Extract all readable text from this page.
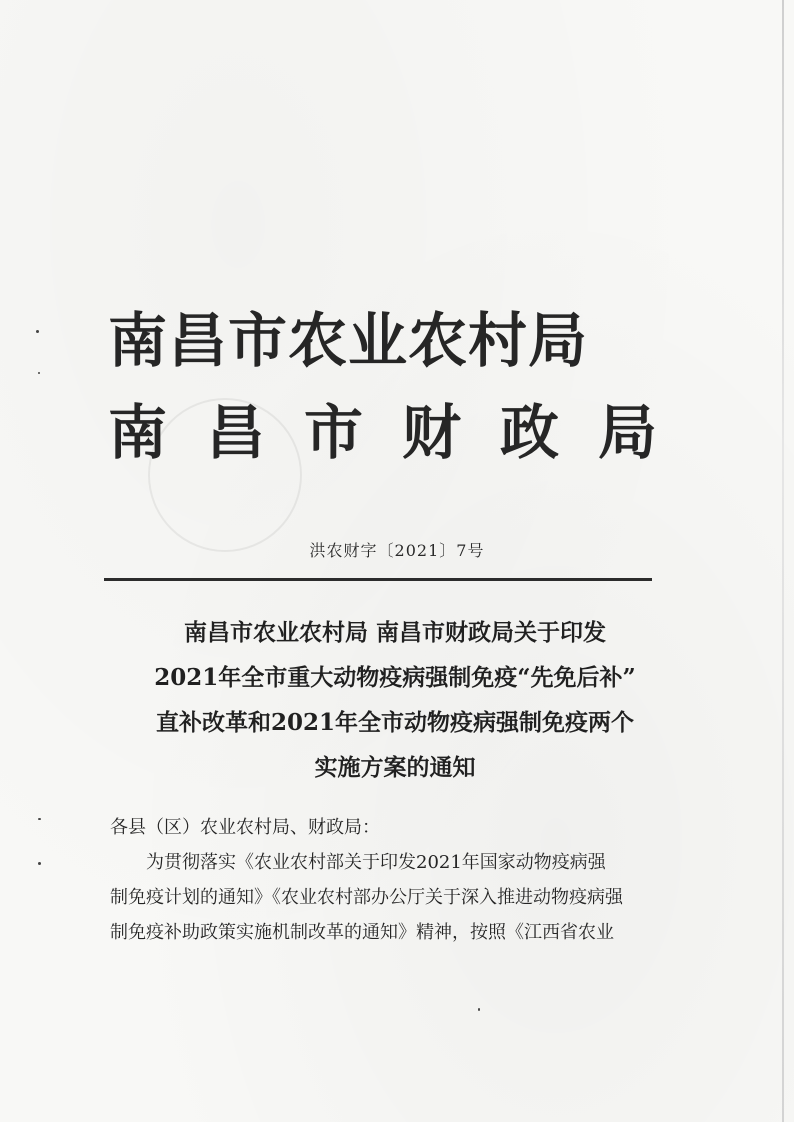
南昌市农业农村局
南昌市财政局
洪农财字〔2021〕7号
南昌市农业农村局 南昌市财政局关于印发
2021年全市重大动物疫病强制免疫“先免后补”
直补改革和2021年全市动物疫病强制免疫两个
实施方案的通知
各县（区）农业农村局、财政局：
为贯彻落实《农业农村部关于印发2021年国家动物疫病强
制免疫计划的通知》《农业农村部办公厅关于深入推进动物疫病强
制免疫补助政策实施机制改革的通知》精神，按照《江西省农业
